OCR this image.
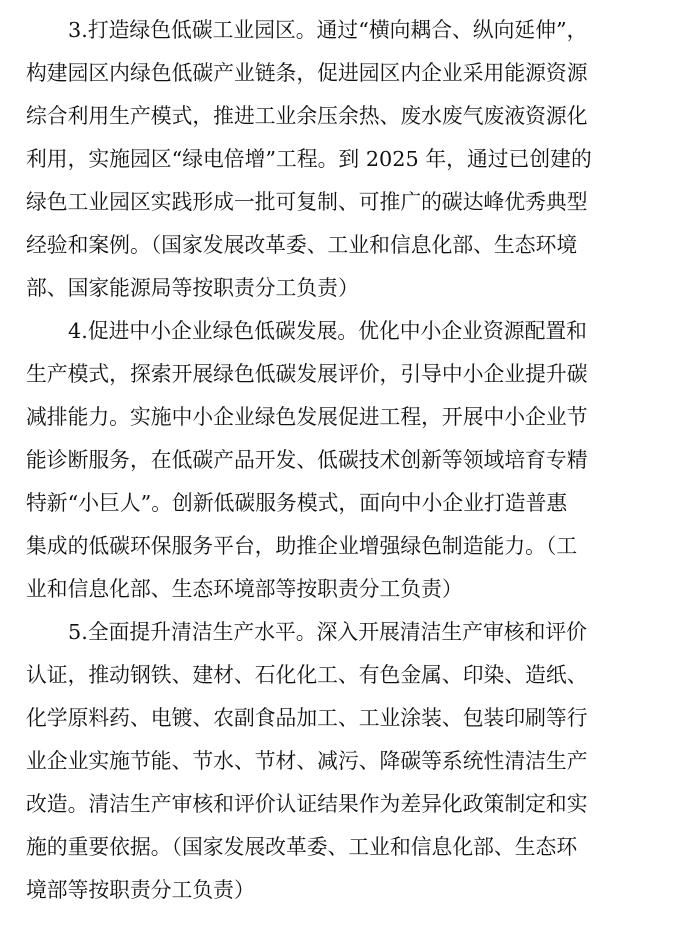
3.打造绿色低碳工业园区。通过“横向耦合、纵向延伸”，
构建园区内绿色低碳产业链条，促进园区内企业采用能源资源
综合利用生产模式，推进工业余压余热、废水废气废液资源化
利用，实施园区“绿电倍增”工程。到 2025 年，通过已创建的
绿色工业园区实践形成一批可复制、可推广的碳达峰优秀典型
经验和案例。（国家发展改革委、工业和信息化部、生态环境
部、国家能源局等按职责分工负责）
4.促进中小企业绿色低碳发展。优化中小企业资源配置和
生产模式，探索开展绿色低碳发展评价，引导中小企业提升碳
减排能力。实施中小企业绿色发展促进工程，开展中小企业节
能诊断服务，在低碳产品开发、低碳技术创新等领域培育专精
特新“小巨人”。创新低碳服务模式，面向中小企业打造普惠
集成的低碳环保服务平台，助推企业增强绿色制造能力。（工
业和信息化部、生态环境部等按职责分工负责）
5.全面提升清洁生产水平。深入开展清洁生产审核和评价
认证，推动钢铁、建材、石化化工、有色金属、印染、造纸、
化学原料药、电镀、农副食品加工、工业涂装、包装印刷等行
业企业实施节能、节水、节材、减污、降碳等系统性清洁生产
改造。清洁生产审核和评价认证结果作为差异化政策制定和实
施的重要依据。（国家发展改革委、工业和信息化部、生态环
境部等按职责分工负责）
